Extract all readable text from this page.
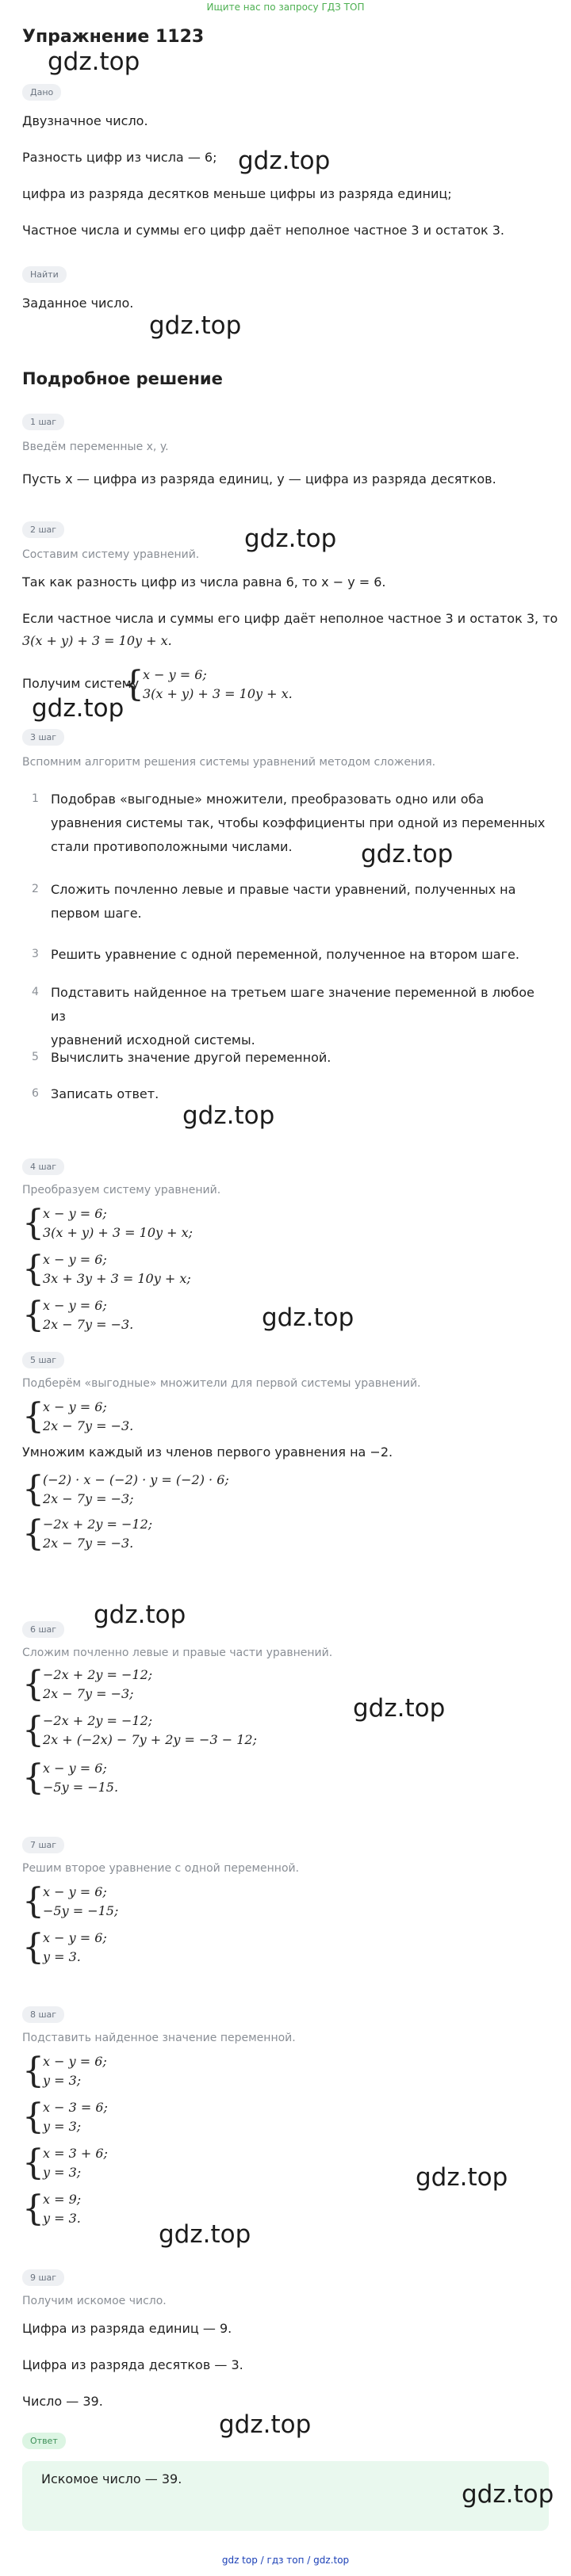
Ищите нас по запросу ГДЗ ТОП
Упражнение 1123
Дано
Двузначное число.
Разность цифр из числа — 6;
цифра из разряда десятков меньше цифры из разряда единиц;
Частное числа и суммы его цифр даёт неполное частное 3 и остаток 3.
Найти
Заданное число.
Подробное решение
1 шаг
Введём переменные x, y.
Пусть x — цифра из разряда единиц, y — цифра из разряда десятков.
2 шаг
Составим систему уравнений.
Так как разность цифр из числа равна 6, то x − y = 6.
Если частное числа и суммы его цифр даёт неполное частное 3 и остаток 3, то
3(x + y) + 3 = 10y + x.
Получим систему
{
x − y = 6;
3(x + y) + 3 = 10y + x.
3 шаг
Вспомним алгоритм решения системы уравнений методом сложения.
1 Подобрав «выгодные» множители, преобразовать одно или оба
уравнения системы так, чтобы коэффициенты при одной из переменных
стали противоположными числами.
2 Сложить почленно левые и правые части уравнений, полученных на
первом шаге.
3 Решить уравнение с одной переменной, полученное на втором шаге.
4 Подставить найденное на третьем шаге значение переменной в любое из
уравнений исходной системы.
5 Вычислить значение другой переменной.
6 Записать ответ.
4 шаг
Преобразуем систему уравнений.
{
x − y = 6;
3(x + y) + 3 = 10y + x;
{
x − y = 6;
3x + 3y + 3 = 10y + x;
{
x − y = 6;
2x − 7y = −3.
5 шаг
Подберём «выгодные» множители для первой системы уравнений.
{
x − y = 6;
2x − 7y = −3.
Умножим каждый из членов первого уравнения на −2.
{
(−2) · x − (−2) · y = (−2) · 6;
2x − 7y = −3;
{
−2x + 2y = −12;
2x − 7y = −3.
6 шаг
Сложим почленно левые и правые части уравнений.
{
−2x + 2y = −12;
2x − 7y = −3;
{
−2x + 2y = −12;
2x + (−2x) − 7y + 2y = −3 − 12;
{
x − y = 6;
−5y = −15.
7 шаг
Решим второе уравнение с одной переменной.
{
x − y = 6;
−5y = −15;
{
x − y = 6;
y = 3.
8 шаг
Подставить найденное значение переменной.
{
x − y = 6;
y = 3;
{
x − 3 = 6;
y = 3;
{
x = 3 + 6;
y = 3;
{
x = 9;
y = 3.
9 шаг
Получим искомое число.
Цифра из разряда единиц — 9.
Цифра из разряда десятков — 3.
Число — 39.
Ответ
Искомое число — 39.
gdz top / гдз топ / gdz.top
gdz.top
gdz.top
gdz.top
gdz.top
gdz.top
gdz.top
gdz.top
gdz.top
gdz.top
gdz.top
gdz.top
gdz.top
gdz.top
gdz.top
